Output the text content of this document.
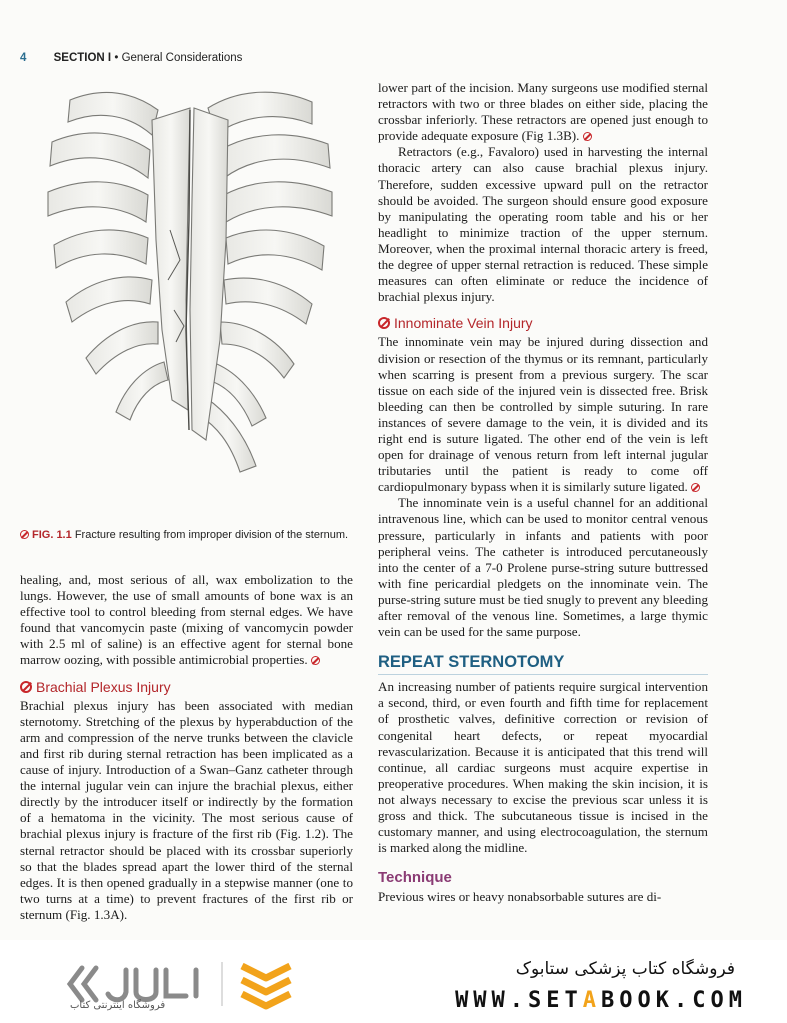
4 SECTION I • General Considerations
FIG. 1.1 Fracture resulting from improper division of the sternum.

healing, and, most serious of all, wax embolization to the lungs. However, the use of small amounts of bone wax is an effective tool to control bleeding from sternal edges. We have found that vancomycin paste (mixing of vancomycin powder with 2.5 ml of saline) is an effective agent for sternal bone marrow oozing, with possible antimicrobial properties.

Brachial Plexus Injury

Brachial plexus injury has been associated with median sternotomy. Stretching of the plexus by hyperabduction of the arm and compression of the nerve trunks between the clavicle and first rib during sternal retraction has been implicated as a cause of injury. Introduction of a Swan–Ganz catheter through the internal jugular vein can injure the brachial plexus, either directly by the introducer itself or indirectly by the formation of a hematoma in the vicinity. The most serious cause of brachial plexus injury is fracture of the first rib (Fig. 1.2). The sternal retractor should be placed with its crossbar superiorly so that the blades spread apart the lower third of the sternal edges. It is then opened gradually in a stepwise manner (one to two turns at a time) to prevent fractures of the first rib or sternum (Fig. 1.3A).

lower part of the incision. Many surgeons use modified sternal retractors with two or three blades on either side, placing the crossbar inferiorly. These retractors are opened just enough to provide adequate exposure (Fig 1.3B).

Retractors (e.g., Favaloro) used in harvesting the internal thoracic artery can also cause brachial plexus injury. Therefore, sudden excessive upward pull on the retractor should be avoided. The surgeon should ensure good exposure by manipulating the operating room table and his or her headlight to minimize traction of the upper sternum. Moreover, when the proximal internal thoracic artery is freed, the degree of upper sternal retraction is reduced. These simple measures can often eliminate or reduce the incidence of brachial plexus injury.

Innominate Vein Injury

The innominate vein may be injured during dissection and division or resection of the thymus or its remnant, particularly when scarring is present from a previous surgery. The scar tissue on each side of the injured vein is dissected free. Brisk bleeding can then be controlled by simple suturing. In rare instances of severe damage to the vein, it is divided and its right end is suture ligated. The other end of the vein is left open for drainage of venous return from left internal jugular tributaries until the patient is ready to come off cardiopulmonary bypass when it is similarly suture ligated.

The innominate vein is a useful channel for an additional intravenous line, which can be used to monitor central venous pressure, particularly in infants and patients with poor peripheral veins. The catheter is introduced percutaneously into the center of a 7-0 Prolene purse-string suture buttressed with fine pericardial pledgets on the innominate vein. The purse-string suture must be tied snugly to prevent any bleeding after removal of the venous line. Sometimes, a large thymic vein can be used for the same purpose.

REPEAT STERNOTOMY

An increasing number of patients require surgical intervention a second, third, or even fourth and fifth time for replacement of prosthetic valves, definitive correction or revision of congenital heart defects, or repeat myocardial revascularization. Because it is anticipated that this trend will continue, all cardiac surgeons must acquire expertise in preoperative procedures. When making the skin incision, it is not always necessary to excise the previous scar unless it is gross and thick. The subcutaneous tissue is incised in the customary manner, and using electrocoagulation, the sternum is marked along the midline.

Technique

Previous wires or heavy nonabsorbable sutures are di-

فروشگاه اینترنتی کتاب
فروشگاه کتاب پزشکی ستابوک
WWW.SETABOOK.COM
